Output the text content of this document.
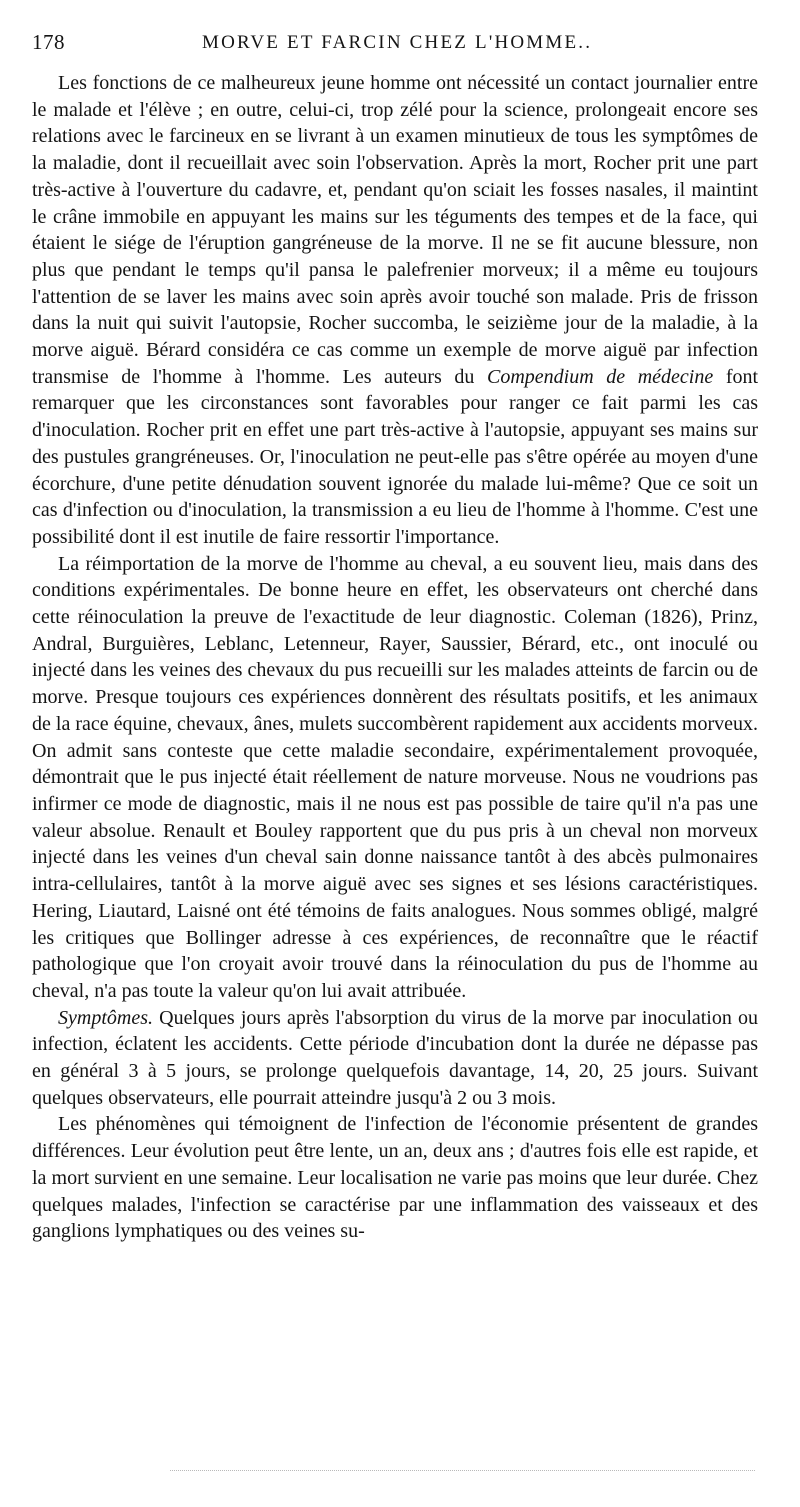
178	MORVE ET FARCIN CHEZ L'HOMME..

Les fonctions de ce malheureux jeune homme ont nécessité un contact journalier entre le malade et l'élève ; en outre, celui-ci, trop zélé pour la science, prolongeait encore ses relations avec le farcineux en se livrant à un examen minutieux de tous les symptômes de la maladie, dont il recueillait avec soin l'observation. Après la mort, Rocher prit une part très-active à l'ouverture du cadavre, et, pendant qu'on sciait les fosses nasales, il maintint le crâne immobile en appuyant les mains sur les téguments des tempes et de la face, qui étaient le siége de l'éruption gangréneuse de la morve. Il ne se fit aucune blessure, non plus que pendant le temps qu'il pansa le palefrenier morveux; il a même eu toujours l'attention de se laver les mains avec soin après avoir touché son malade. Pris de frisson dans la nuit qui suivit l'autopsie, Rocher succomba, le seizième jour de la maladie, à la morve aiguë. Bérard considéra ce cas comme un exemple de morve aiguë par infection transmise de l'homme à l'homme. Les auteurs du Compendium de médecine font remarquer que les circonstances sont favorables pour ranger ce fait parmi les cas d'inoculation. Rocher prit en effet une part très-active à l'autopsie, appuyant ses mains sur des pustules grangréneuses. Or, l'inoculation ne peut-elle pas s'être opérée au moyen d'une écorchure, d'une petite dénudation souvent ignorée du malade lui-même? Que ce soit un cas d'infection ou d'inoculation, la transmission a eu lieu de l'homme à l'homme. C'est une possibilité dont il est inutile de faire ressortir l'importance.

La réimportation de la morve de l'homme au cheval, a eu souvent lieu, mais dans des conditions expérimentales. De bonne heure en effet, les observateurs ont cherché dans cette réinoculation la preuve de l'exactitude de leur diagnostic. Coleman (1826), Prinz, Andral, Burguières, Leblanc, Letenneur, Rayer, Saussier, Bérard, etc., ont inoculé ou injecté dans les veines des chevaux du pus recueilli sur les malades atteints de farcin ou de morve. Presque toujours ces expériences donnèrent des résultats positifs, et les animaux de la race équine, chevaux, ânes, mulets succombèrent rapidement aux accidents morveux. On admit sans conteste que cette maladie secondaire, expérimentalement provoquée, démontrait que le pus injecté était réellement de nature morveuse. Nous ne voudrions pas infirmer ce mode de diagnostic, mais il ne nous est pas possible de taire qu'il n'a pas une valeur absolue. Renault et Bouley rapportent que du pus pris à un cheval non morveux injecté dans les veines d'un cheval sain donne naissance tantôt à des abcès pulmonaires intra-cellulaires, tantôt à la morve aiguë avec ses signes et ses lésions caractéristiques. Hering, Liautard, Laisné ont été témoins de faits analogues. Nous sommes obligé, malgré les critiques que Bollinger adresse à ces expériences, de reconnaître que le réactif pathologique que l'on croyait avoir trouvé dans la réinoculation du pus de l'homme au cheval, n'a pas toute la valeur qu'on lui avait attribuée.

Symptômes. Quelques jours après l'absorption du virus de la morve par inoculation ou infection, éclatent les accidents. Cette période d'incubation dont la durée ne dépasse pas en général 3 à 5 jours, se prolonge quelquefois davantage, 14, 20, 25 jours. Suivant quelques observateurs, elle pourrait atteindre jusqu'à 2 ou 3 mois.

Les phénomènes qui témoignent de l'infection de l'économie présentent de grandes différences. Leur évolution peut être lente, un an, deux ans ; d'autres fois elle est rapide, et la mort survient en une semaine. Leur localisation ne varie pas moins que leur durée. Chez quelques malades, l'infection se caractérise par une inflammation des vaisseaux et des ganglions lymphatiques ou des veines su-
